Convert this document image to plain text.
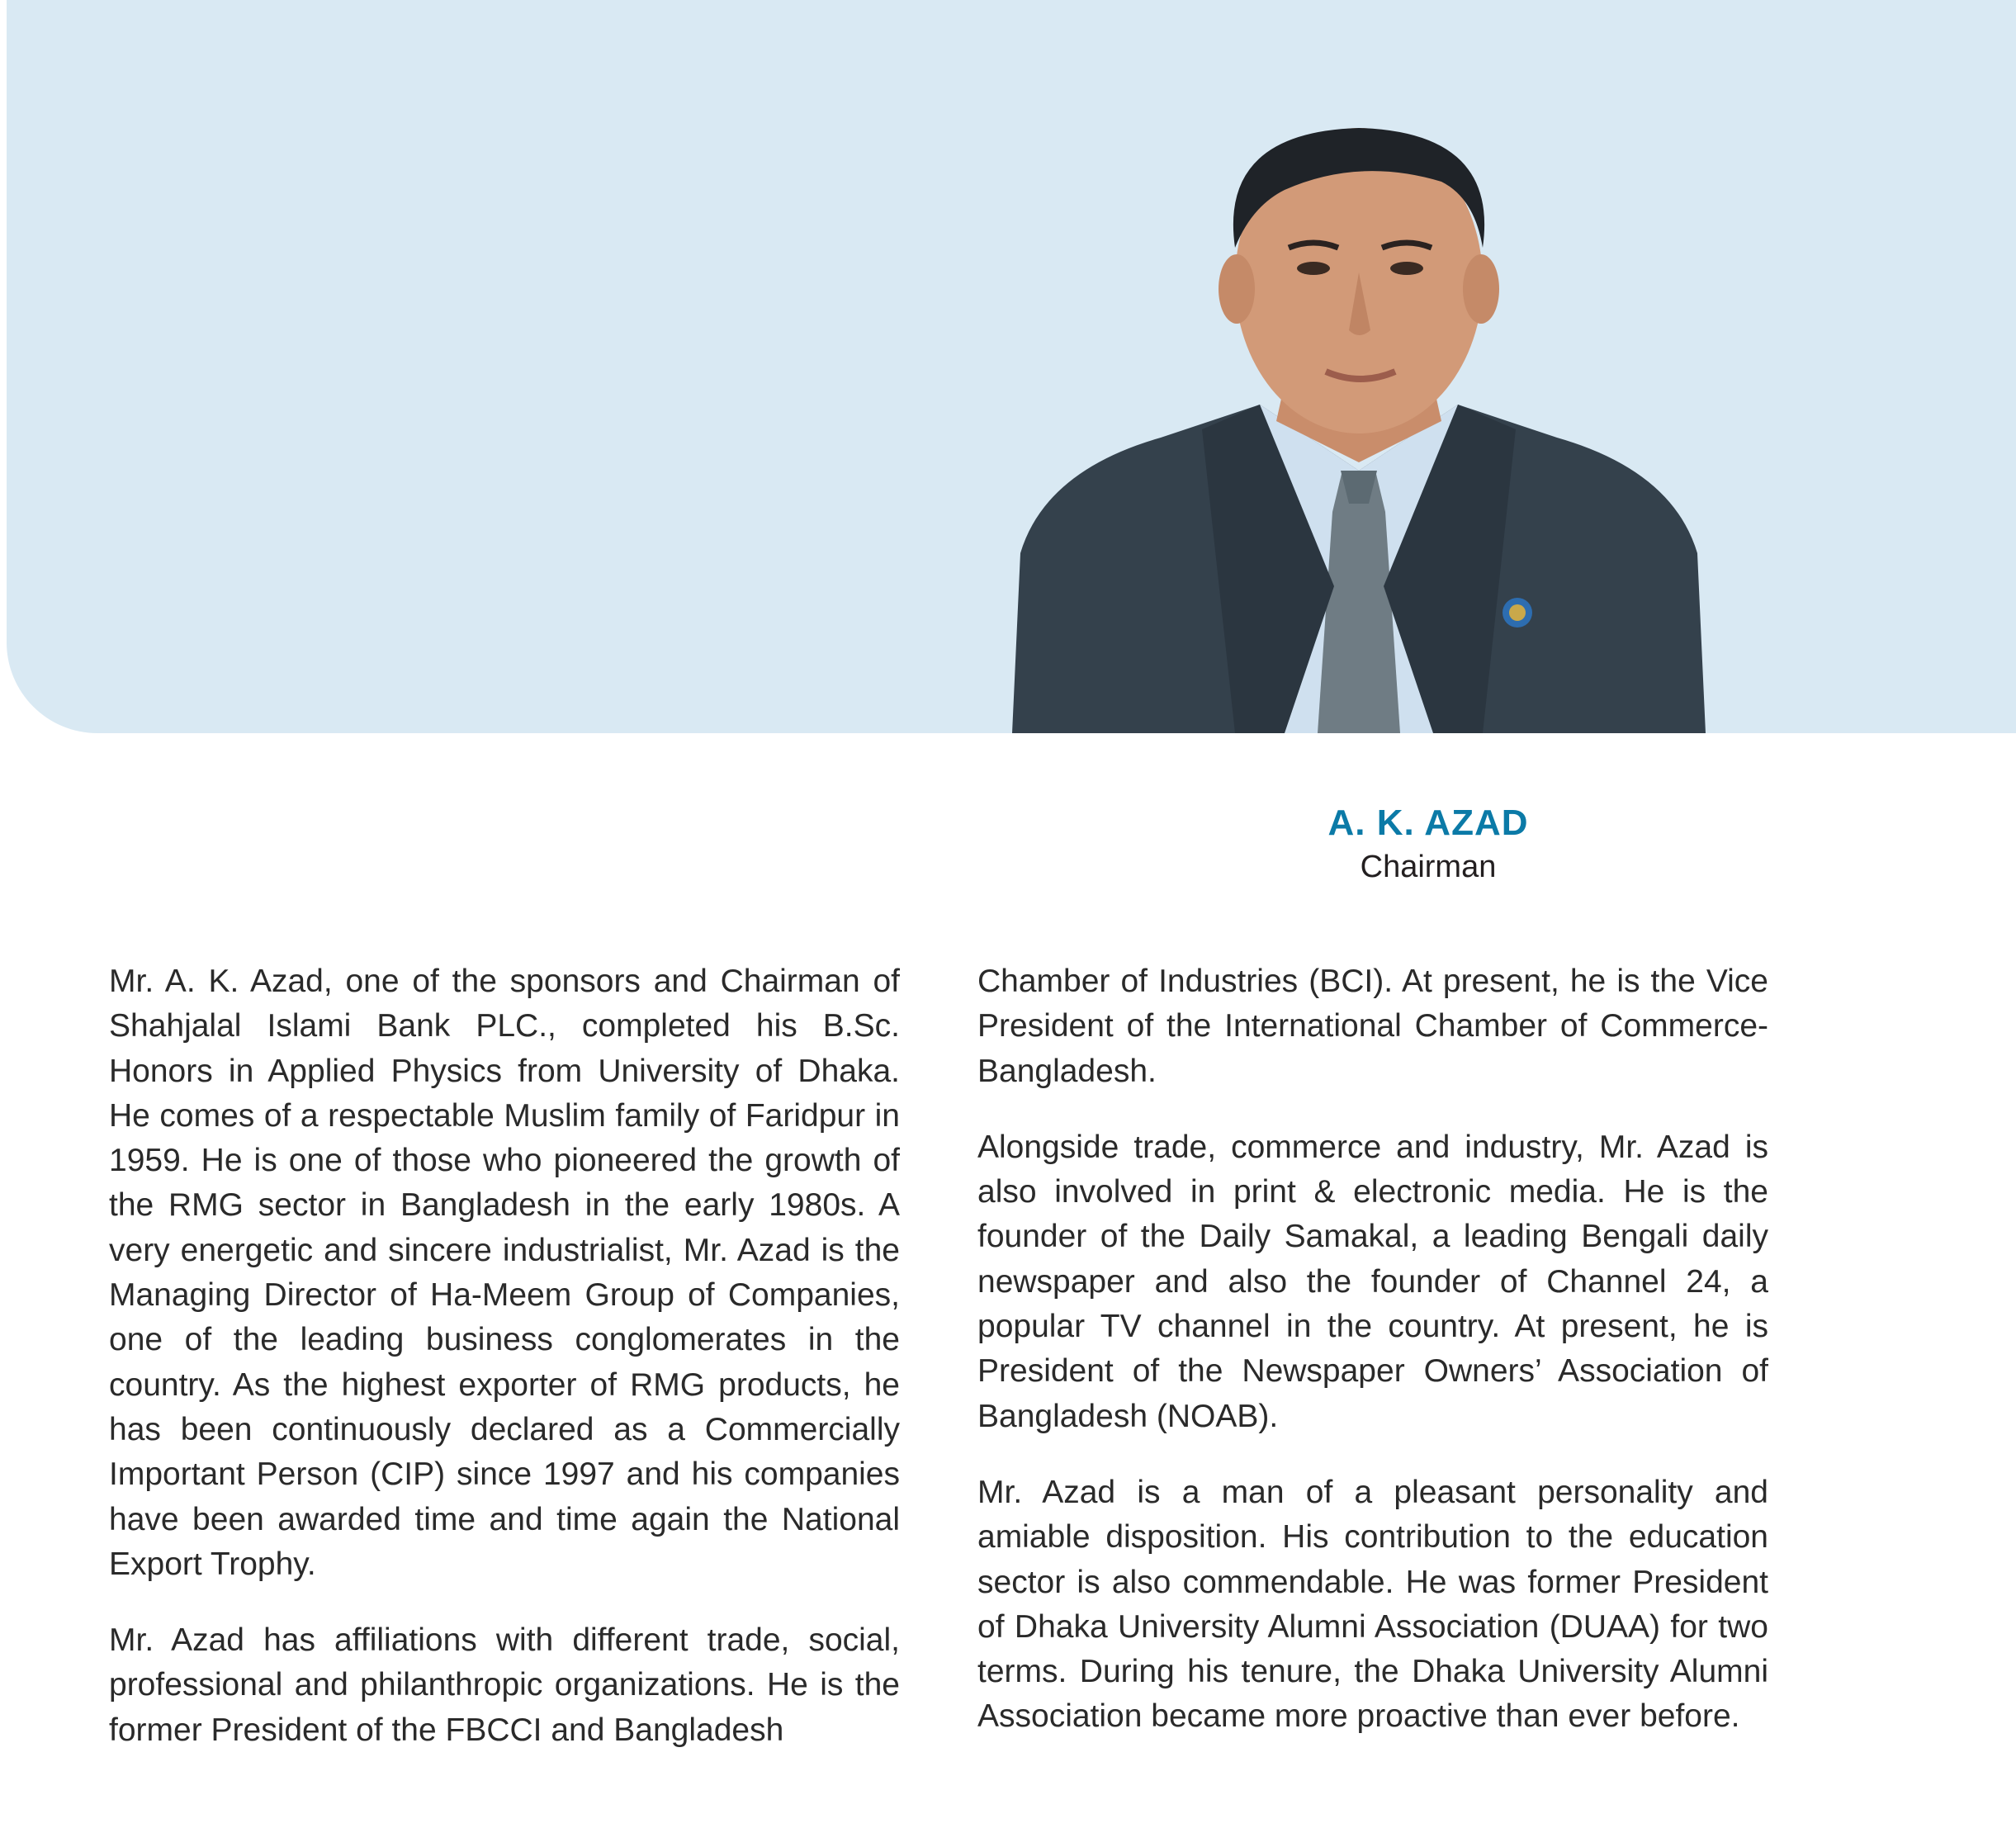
A. K. AZAD
Chairman

Mr. A. K. Azad, one of the sponsors and Chairman of Shahjalal Islami Bank PLC., completed his B.Sc. Honors in Applied Physics from University of Dhaka. He comes of a respectable Muslim family of Faridpur in 1959. He is one of those who pioneered the growth of the RMG sector in Bangladesh in the early 1980s. A very energetic and sincere industrialist, Mr. Azad is the Managing Director of Ha-Meem Group of Companies, one of the leading business conglomerates in the country. As the highest exporter of RMG products, he has been continuously declared as a Commercially Important Person (CIP) since 1997 and his companies have been awarded time and time again the National Export Trophy.

Mr. Azad has affiliations with different trade, social, professional and philanthropic organizations. He is the former President of the FBCCI and Bangladesh

Chamber of Industries (BCI). At present, he is the Vice President of the International Chamber of Commerce-Bangladesh.

Alongside trade, commerce and industry, Mr. Azad is also involved in print & electronic media. He is the founder of the Daily Samakal, a leading Bengali daily newspaper and also the founder of Channel 24, a popular TV channel in the country. At present, he is President of the Newspaper Owners’ Association of Bangladesh (NOAB).

Mr. Azad is a man of a pleasant personality and amiable disposition. His contribution to the education sector is also commendable. He was former President of Dhaka University Alumni Association (DUAA) for two terms. During his tenure, the Dhaka University Alumni Association became more proactive than ever before.
